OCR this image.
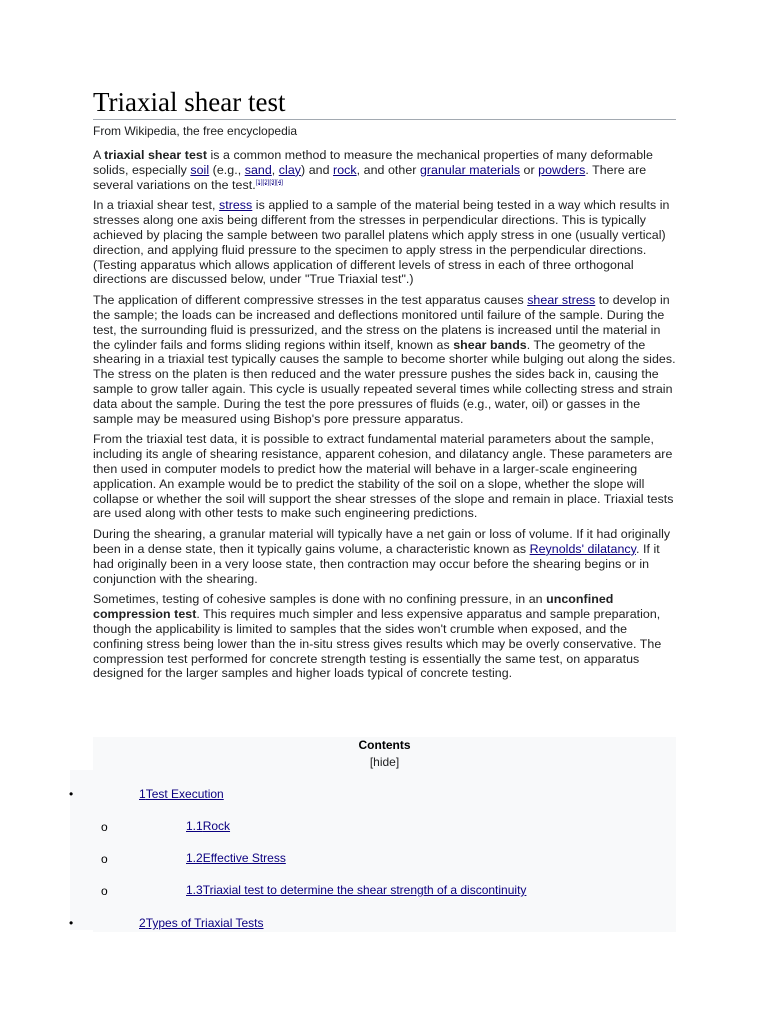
Triaxial shear test
From Wikipedia, the free encyclopedia

A triaxial shear test is a common method to measure the mechanical properties of many deformable solids, especially soil (e.g., sand, clay) and rock, and other granular materials or powders. There are several variations on the test.[1][2][3][4]

In a triaxial shear test, stress is applied to a sample of the material being tested in a way which results in stresses along one axis being different from the stresses in perpendicular directions. This is typically achieved by placing the sample between two parallel platens which apply stress in one (usually vertical) direction, and applying fluid pressure to the specimen to apply stress in the perpendicular directions. (Testing apparatus which allows application of different levels of stress in each of three orthogonal directions are discussed below, under "True Triaxial test".)

The application of different compressive stresses in the test apparatus causes shear stress to develop in the sample; the loads can be increased and deflections monitored until failure of the sample. During the test, the surrounding fluid is pressurized, and the stress on the platens is increased until the material in the cylinder fails and forms sliding regions within itself, known as shear bands. The geometry of the shearing in a triaxial test typically causes the sample to become shorter while bulging out along the sides. The stress on the platen is then reduced and the water pressure pushes the sides back in, causing the sample to grow taller again. This cycle is usually repeated several times while collecting stress and strain data about the sample. During the test the pore pressures of fluids (e.g., water, oil) or gasses in the sample may be measured using Bishop's pore pressure apparatus.

From the triaxial test data, it is possible to extract fundamental material parameters about the sample, including its angle of shearing resistance, apparent cohesion, and dilatancy angle. These parameters are then used in computer models to predict how the material will behave in a larger-scale engineering application. An example would be to predict the stability of the soil on a slope, whether the slope will collapse or whether the soil will support the shear stresses of the slope and remain in place. Triaxial tests are used along with other tests to make such engineering predictions.

During the shearing, a granular material will typically have a net gain or loss of volume. If it had originally been in a dense state, then it typically gains volume, a characteristic known as Reynolds' dilatancy. If it had originally been in a very loose state, then contraction may occur before the shearing begins or in conjunction with the shearing.

Sometimes, testing of cohesive samples is done with no confining pressure, in an unconfined compression test. This requires much simpler and less expensive apparatus and sample preparation, though the applicability is limited to samples that the sides won't crumble when exposed, and the confining stress being lower than the in-situ stress gives results which may be overly conservative. The compression test performed for concrete strength testing is essentially the same test, on apparatus designed for the larger samples and higher loads typical of concrete testing.

Contents
[hide]
•	1Test Execution
o	1.1Rock
o	1.2Effective Stress
o	1.3Triaxial test to determine the shear strength of a discontinuity
•	2Types of Triaxial Tests
